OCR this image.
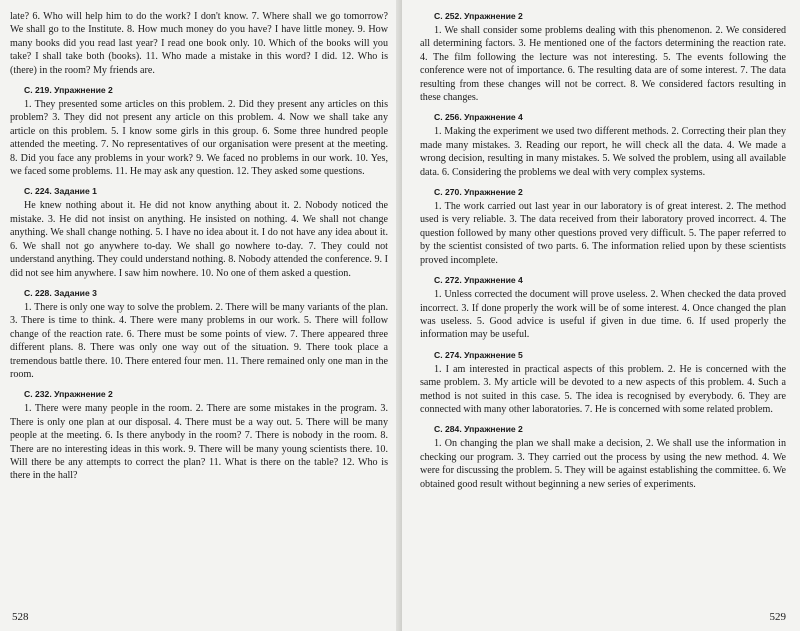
late? 6. Who will help him to do the work? I don't know. 7. Where shall we go tomorrow? We shall go to the Institute. 8. How much money do you have? I have little money. 9. How many books did you read last year? I read one book only. 10. Which of the books will you take? I shall take both (books). 11. Who made a mistake in this word? I did. 12. Who is (there) in the room? My friends are.

С. 219. Упражнение 2

1. They presented some articles on this problem. 2. Did they present any articles on this problem? 3. They did not present any article on this problem. 4. Now we shall take any article on this problem. 5. I know some girls in this group. 6. Some three hundred people attended the meeting. 7. No representatives of our organisation were present at the meeting. 8. Did you face any problems in your work? 9. We faced no problems in our work. 10. Yes, we faced some problems. 11. He may ask any question. 12. They asked some questions.

С. 224. Задание 1

He knew nothing about it. He did not know anything about it. 2. Nobody noticed the mistake. 3. He did not insist on anything. He insisted on nothing. 4. We shall not change anything. We shall change nothing. 5. I have no idea about it. I do not have any idea about it. 6. We shall not go anywhere to-day. We shall go nowhere to-day. 7. They could not understand anything. They could understand nothing. 8. Nobody attended the conference. 9. I did not see him anywhere. I saw him nowhere. 10. No one of them asked a question.

С. 228. Задание 3

1. There is only one way to solve the problem. 2. There will be many variants of the plan. 3. There is time to think. 4. There were many problems in our work. 5. There will follow change of the reaction rate. 6. There must be some points of view. 7. There appeared three different plans. 8. There was only one way out of the situation. 9. There took place a tremendous battle there. 10. There entered four men. 11. There remained only one man in the room.

С. 232. Упражнение 2

1. There were many people in the room. 2. There are some mistakes in the program. 3. There is only one plan at our disposal. 4. There must be a way out. 5. There will be many people at the meeting. 6. Is there anybody in the room? 7. There is nobody in the room. 8. There are no interesting ideas in this work. 9. There will be many young scientists there. 10. Will there be any attempts to correct the plan? 11. What is there on the table? 12. Who is there in the hall?

528
С. 252. Упражнение 2

1. We shall consider some problems dealing with this phenomenon. 2. We considered all determining factors. 3. He mentioned one of the factors determining the reaction rate. 4. The film following the lecture was not interesting. 5. The events following the conference were not of importance. 6. The resulting data are of some interest. 7. The data resulting from these changes will not be correct. 8. We considered factors resulting in these changes.

С. 256. Упражнение 4

1. Making the experiment we used two different methods. 2. Correcting their plan they made many mistakes. 3. Reading our report, he will check all the data. 4. We made a wrong decision, resulting in many mistakes. 5. We solved the problem, using all available data. 6. Considering the problems we deal with very complex systems.

С. 270. Упражнение 2

1. The work carried out last year in our laboratory is of great interest. 2. The method used is very reliable. 3. The data received from their laboratory proved incorrect. 4. The question followed by many other questions proved very difficult. 5. The paper referred to by the scientist consisted of two parts. 6. The information relied upon by these scientists proved incomplete.

С. 272. Упражнение 4

1. Unless corrected the document will prove useless. 2. When checked the data proved incorrect. 3. If done properly the work will be of some interest. 4. Once changed the plan was useless. 5. Good advice is useful if given in due time. 6. If used properly the information may be useful.

С. 274. Упражнение 5

1. I am interested in practical aspects of this problem. 2. He is concerned with the same problem. 3. My article will be devoted to a new aspects of this problem. 4. Such a method is not suited in this case. 5. The idea is recognised by everybody. 6. They are connected with many other laboratories. 7. He is concerned with some related problem.

С. 284. Упражнение 2

1. On changing the plan we shall make a decision, 2. We shall use the information in checking our program. 3. They carried out the process by using the new method. 4. We were for discussing the problem. 5. They will be against establishing the committee. 6. We obtained good result without beginning a new series of experiments.

529
